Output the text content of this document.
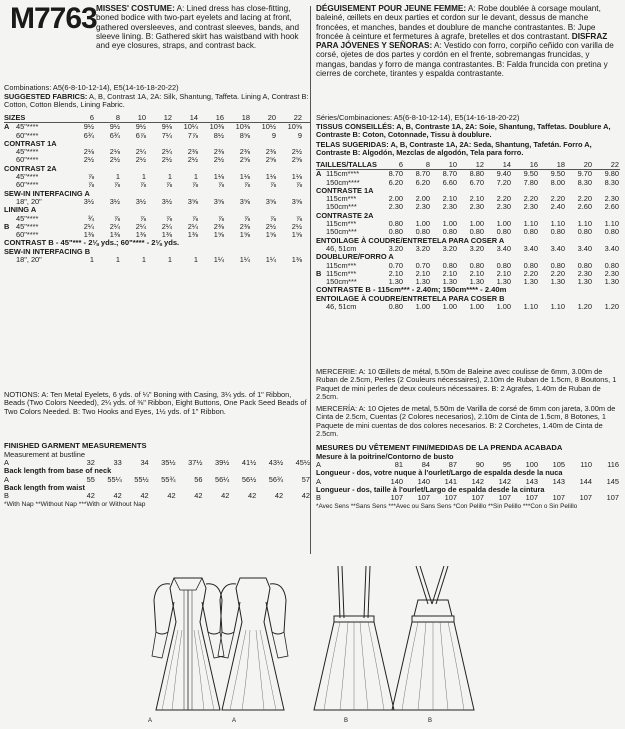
M7763 MISSES' COSTUME: A: Lined dress has close-fitting, boned bodice with two-part eyelets and lacing at front, gathered oversleeves, and contrast sleeves, bands, and sleeve lining. B: Gathered skirt has waistband with hook and eye closures, straps, and contrast back.
Combinations: A5(6-8-10-12-14), E5(14-16-18-20-22)
SUGGESTED FABRICS: A, B, Contrast 1A, 2A: Silk, Shantung, Taffeta. Lining A, Contrast B: Cotton, Cotton Blends, Lining Fabric.
SIZES	6	8	10	12	14	16	18	20	22
A 45"****	9½	9½	9½	9⅛	10¼	10⅜	10⅜	10½	10⅝
60"****	6¾	6¾	6⅞	7¼	7⅞	8½	8⅝	9	9
CONTRAST 1A
45"****	2⅛	2⅛	2¼	2¼	2⅜	2⅜	2⅜	2⅜	2½
60"****	2½	2½	2½	2½	2½	2½	2⅝	2⅝	2⅝
CONTRAST 2A
45"****	⅞	1	1	1	1	1⅛	1⅛	1⅛	1⅛
60"****	⅞	⅞	⅞	⅞	⅞	⅞	⅞	⅞	⅞
SEW-IN INTERFACING A
18", 20"	3½	3½	3½	3½	3⅝	3⅝	3⅝	3⅝	3⅝
LINING A
45"****	¾	⅞	⅞	⅞	⅞	⅞	⅞	⅞	⅞
B 45"****	2¼	2¼	2¼	2¼	2¼	2⅜	2⅜	2½	2½
60"****	1⅜	1⅜	1⅜	1⅜	1⅜	1⅝	1⅝	1⅝	1⅝
CONTRAST B - 45"*** - 2⅛ yds.; 60"**** - 2⅛ yds.
SEW-IN INTERFACING B
18", 20"	1	1	1	1	1	1¼	1¼	1¼	1⅜
NOTIONS: A: Ten Metal Eyelets, 6 yds. of ¼" Boning with Casing, 3¼ yds. of 1" Ribbon, Beads (Two Colors Needed), 2¼ yds. of ⅜" Ribbon, Eight Buttons, One Pack Seed Beads of Two Colors Needed. B: Two Hooks and Eyes, 1½ yds. of 1" Ribbon.
FINISHED GARMENT MEASUREMENTS
Measurement at bustline
A	32	33	34	35½	37½	39½	41½	43½	45½
Back length from base of neck
A	55	55¼	55½	55¾	56	56¼	56½	56¾	57
Back length from waist
B	42	42	42	42	42	42	42	42	42
*With Nap **Without Nap ***With or Without Nap
DÉGUISEMENT POUR JEUNE FEMME: A: Robe doublée à corsage moulant, baleiné, œillets en deux parties et cordon sur le devant, dessus de manche froncées, et manches, bandes et doublure de manche contrastantes. B: Jupe froncée à ceinture et fermetures à agrafe, bretelles et dos contrastant. DISFRAZ PARA JÓVENES Y SEÑORAS: A: Vestido con forro, corpiño ceñido con varilla de corsé, ojetes de dos partes y cordón en el frente, sobremangas fruncidas, y mangas, bandas y forro de manga contrastantes. B: Falda fruncida con pretina y cierres de corchete, tirantes y espalda contrastante.
Séries/Combinaciones: A5(6-8-10-12-14), E5(14-16-18-20-22)
TISSUS CONSEILLÉS: A, B, Contraste 1A, 2A: Soie, Shantung, Taffetas. Doublure A, Contraste B: Coton, Cotonnade, Tissu à doublure.
TELAS SUGERIDAS: A, B, Contraste 1A, 2A: Seda, Shantung, Tafetán. Forro A, Contraste B: Algodón, Mezclas de algodón, Tela para forro.
TAILLES/TALLAS	6	8	10	12	14	16	18	20	22
A 115cm****	8.70	8.70	8.70	8.80	9.40	9.50	9.50	9.70	9.80
150cm****	6.20	6.20	6.60	6.70	7.20	7.80	8.00	8.30	8.30
CONTRASTE 1A
115cm***	2.00	2.00	2.10	2.10	2.20	2.20	2.20	2.20	2.30
150cm***	2.30	2.30	2.30	2.30	2.30	2.30	2.40	2.60	2.60
CONTRASTE 2A
115cm***	0.80	1.00	1.00	1.00	1.00	1.10	1.10	1.10	1.10
150cm***	0.80	0.80	0.80	0.80	0.80	0.80	0.80	0.80	0.80
ENTOILAGE À COUDRE/ENTRETELA PARA COSER A
46, 51cm	3.20	3.20	3.20	3.20	3.40	3.40	3.40	3.40	3.40
DOUBLURE/FORRO A
115cm***	0.70	0.70	0.80	0.80	0.80	0.80	0.80	0.80	0.80
B 115cm***	2.10	2.10	2.10	2.10	2.10	2.20	2.20	2.30	2.30
150cm***	1.30	1.30	1.30	1.30	1.30	1.30	1.30	1.30	1.30
CONTRASTE B - 115cm*** - 2.40m; 150cm**** - 2.40m
ENTOILAGE À COUDRE/ENTRETELA PARA COSER B
46, 51cm	0.80	1.00	1.00	1.00	1.00	1.10	1.10	1.20	1.20
MERCERIE: A: 10 Œillets de métal, 5.50m de Baleine avec coulisse de 6mm, 3.00m de Ruban de 2.5cm, Perles (2 Couleurs nécessaires), 2.10m de Ruban de 1.5cm, 8 Boutons, 1 Paquet de mini perles de deux couleurs nécessaires. B: 2 Agrafes, 1.40m de Ruban de 2.5cm.
MERCERÍA: A: 10 Ojetes de metal, 5.50m de Varilla de corsé de 6mm con jareta, 3.00m de Cinta de 2.5cm, Cuentas (2 Colores necesarios), 2.10m de Cinta de 1.5cm, 8 Botones, 1 Paquete de mini cuentas de dos colores necesarios. B: 2 Corchetes, 1.40m de Cinta de 2.5cm.
MESURES DU VÊTEMENT FINI/MEDIDAS DE LA PRENDA ACABADA
Mesure à la poitrine/Contorno de busto
A	81	84	87	90	95	100	105	110	116
Longueur - dos, votre nuque à l'ourlet/Largo de espalda desde la nuca
A	140	140	141	142	142	143	143	144	145
Longueur - dos, taille à l'ourlet/Largo de espalda desde la cintura
B	107	107	107	107	107	107	107	107	107
*Avec Sens **Sans Sens ***Avec ou Sans Sens *Con Pelillo **Sin Pelillo ***Con o Sin Pelillo
A	A	B	B
